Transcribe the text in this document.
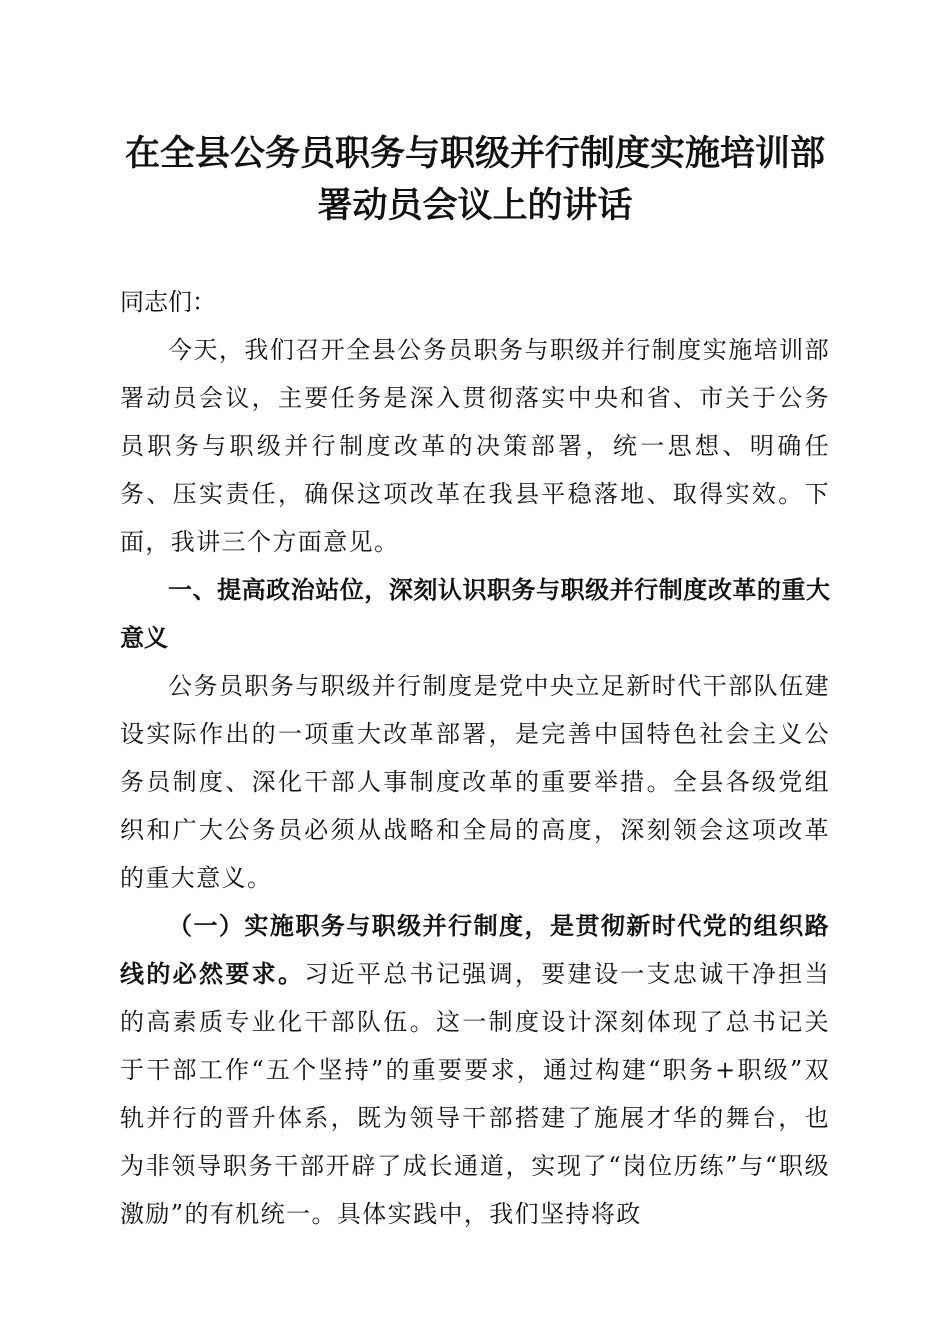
在全县公务员职务与职级并行制度实施培训部署动员会议上的讲话

同志们：

今天，我们召开全县公务员职务与职级并行制度实施培训部署动员会议，主要任务是深入贯彻落实中央和省、市关于公务员职务与职级并行制度改革的决策部署，统一思想、明确任务、压实责任，确保这项改革在我县平稳落地、取得实效。下面，我讲三个方面意见。

一、提高政治站位，深刻认识职务与职级并行制度改革的重大意义

公务员职务与职级并行制度是党中央立足新时代干部队伍建设实际作出的一项重大改革部署，是完善中国特色社会主义公务员制度、深化干部人事制度改革的重要举措。全县各级党组织和广大公务员必须从战略和全局的高度，深刻领会这项改革的重大意义。

（一）实施职务与职级并行制度，是贯彻新时代党的组织路线的必然要求。习近平总书记强调，要建设一支忠诚干净担当的高素质专业化干部队伍。这一制度设计深刻体现了总书记关于干部工作“五个坚持”的重要要求，通过构建“职务+职级”双轨并行的晋升体系，既为领导干部搭建了施展才华的舞台，也为非领导职务干部开辟了成长通道，实现了“岗位历练”与“职级激励”的有机统一。具体实践中，我们坚持将政
